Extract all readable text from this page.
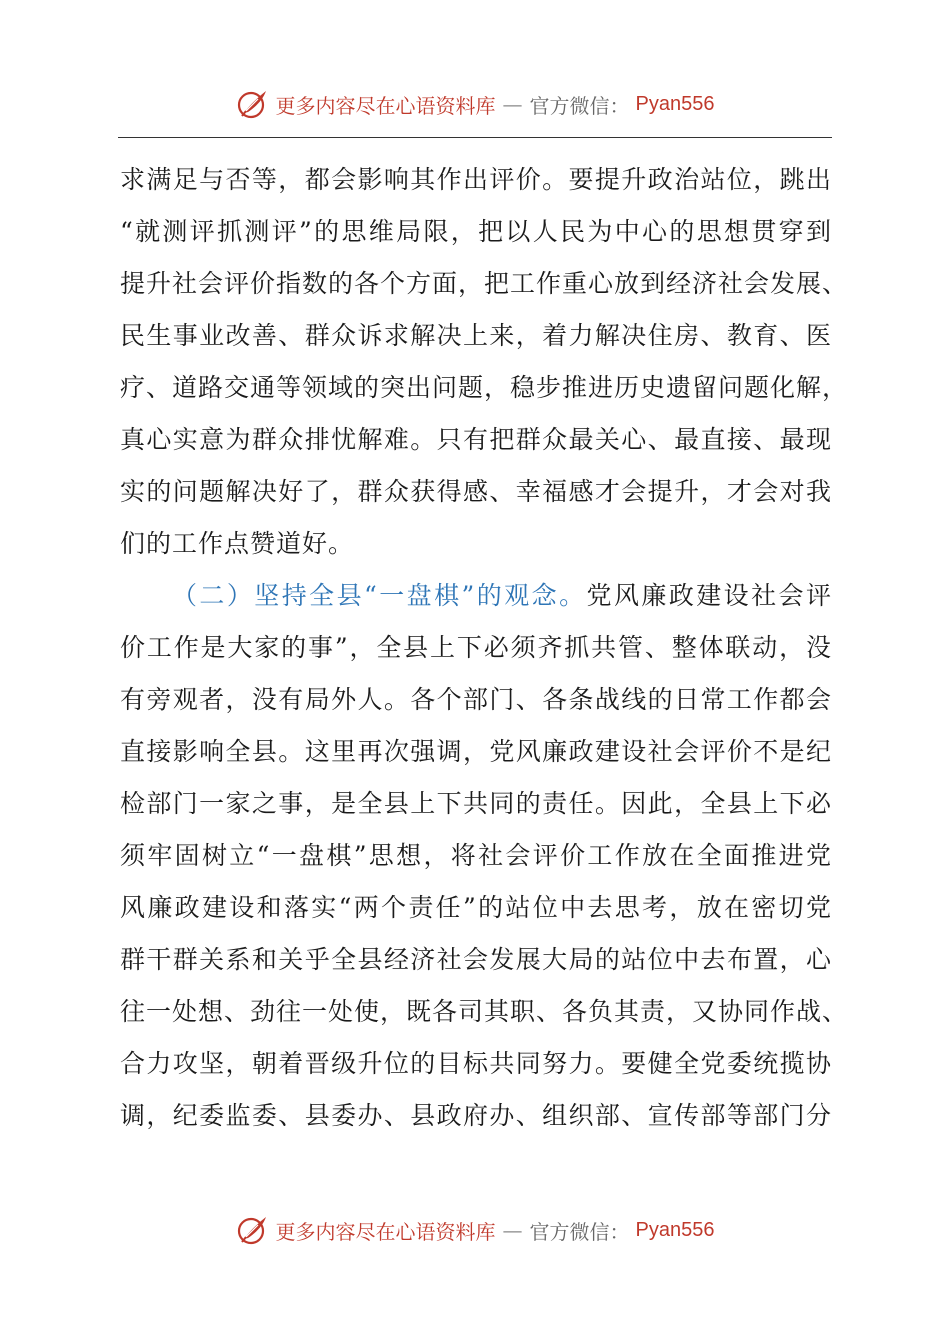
更多内容尽在心语资料库 — 官方微信： Pyan556
求满足与否等，都会影响其作出评价。要提升政治站位，跳出
“就测评抓测评”的思维局限，把以人民为中心的思想贯穿到
提升社会评价指数的各个方面，把工作重心放到经济社会发展、
民生事业改善、群众诉求解决上来，着力解决住房、教育、医
疗、道路交通等领域的突出问题，稳步推进历史遗留问题化解，
真心实意为群众排忧解难。只有把群众最关心、最直接、最现
实的问题解决好了，群众获得感、幸福感才会提升，才会对我
们的工作点赞道好。
（二）坚持全县“一盘棋”的观念。党风廉政建设社会评
价工作是大家的事”，全县上下必须齐抓共管、整体联动，没
有旁观者，没有局外人。各个部门、各条战线的日常工作都会
直接影响全县。这里再次强调，党风廉政建设社会评价不是纪
检部门一家之事，是全县上下共同的责任。因此，全县上下必
须牢固树立“一盘棋”思想，将社会评价工作放在全面推进党
风廉政建设和落实“两个责任”的站位中去思考，放在密切党
群干群关系和关乎全县经济社会发展大局的站位中去布置，心
往一处想、劲往一处使，既各司其职、各负其责，又协同作战、
合力攻坚，朝着晋级升位的目标共同努力。要健全党委统揽协
调，纪委监委、县委办、县政府办、组织部、宣传部等部门分
更多内容尽在心语资料库 — 官方微信： Pyan556
